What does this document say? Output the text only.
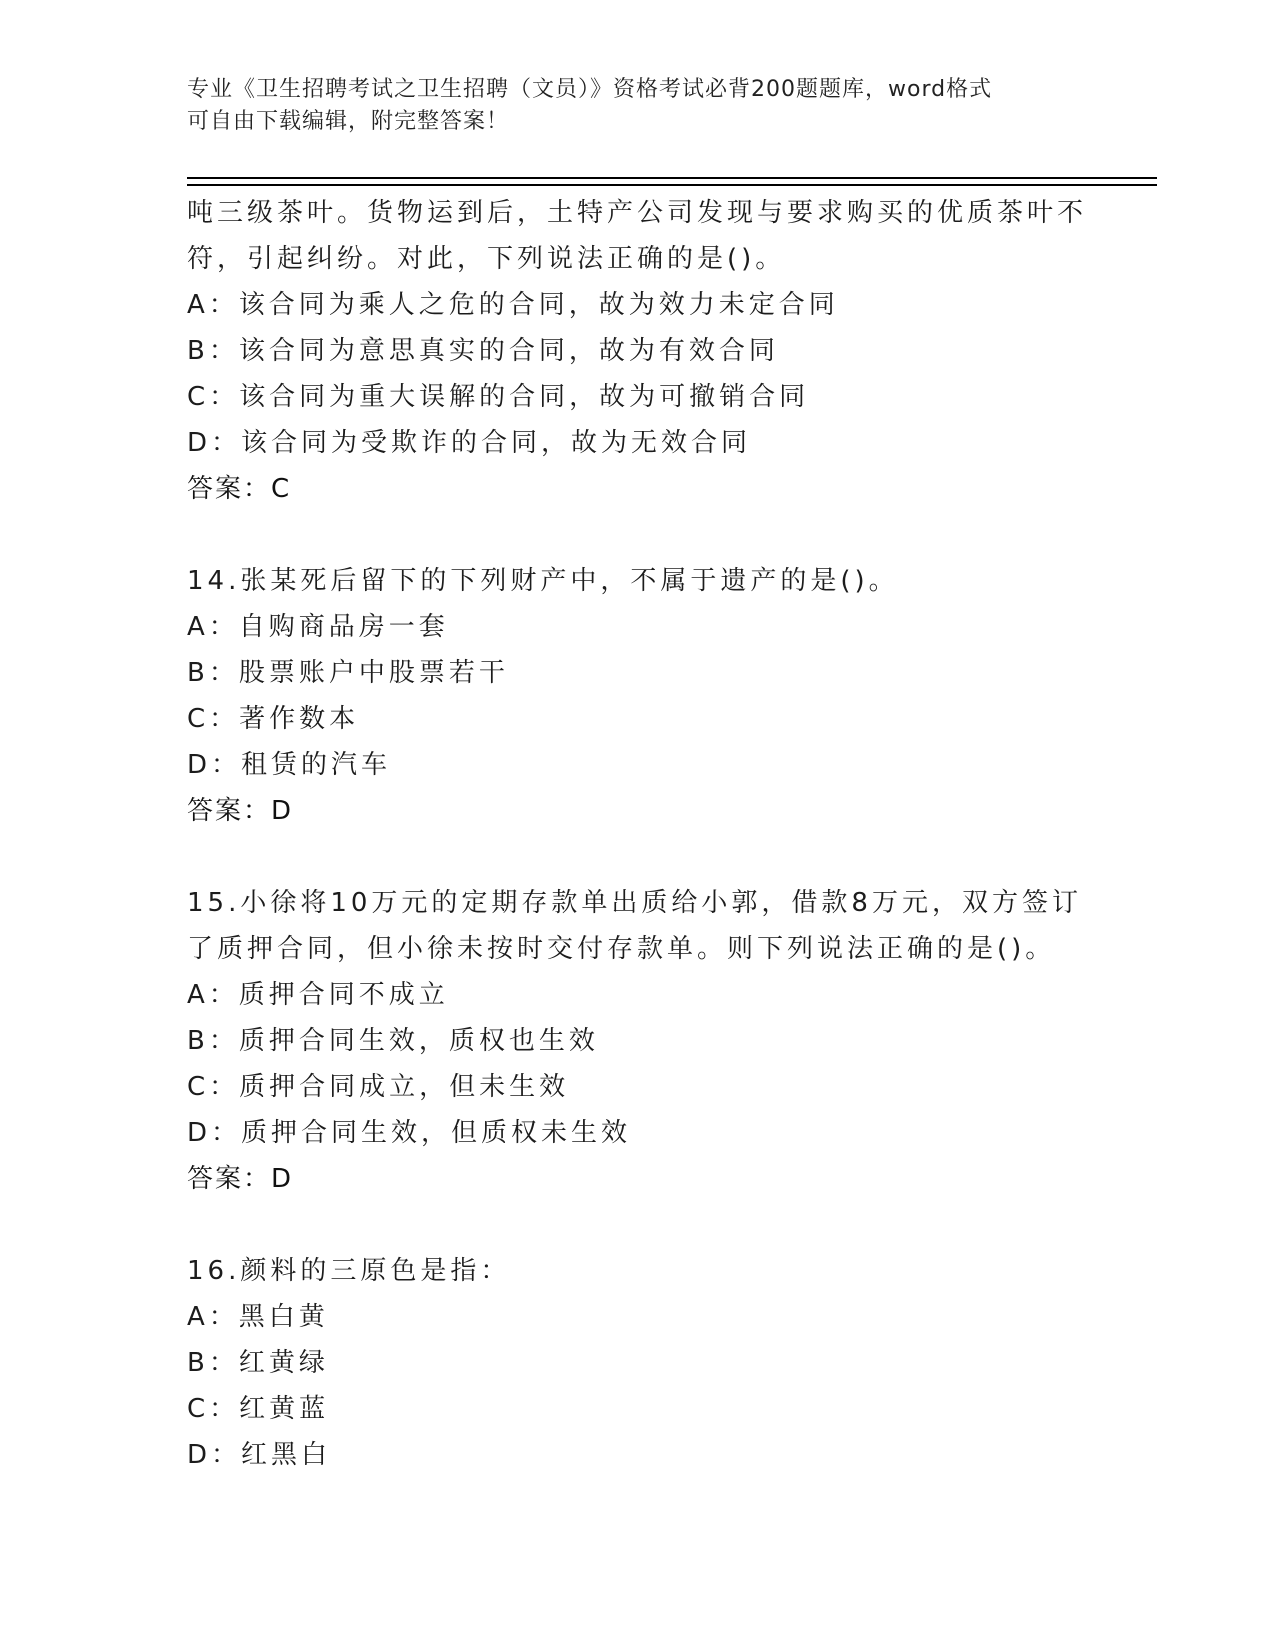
专业《卫生招聘考试之卫生招聘（文员）》资格考试必背200题题库，word格式

可自由下载编辑，附完整答案！

吨三级茶叶。货物运到后，土特产公司发现与要求购买的优质茶叶不

符，引起纠纷。对此，下列说法正确的是()。

A：该合同为乘人之危的合同，故为效力未定合同

B：该合同为意思真实的合同，故为有效合同

C：该合同为重大误解的合同，故为可撤销合同

D：该合同为受欺诈的合同，故为无效合同

答案：C

14.张某死后留下的下列财产中，不属于遗产的是()。

A：自购商品房一套

B：股票账户中股票若干

C：著作数本

D：租赁的汽车

答案：D

15.小徐将10万元的定期存款单出质给小郭，借款8万元，双方签订

了质押合同，但小徐未按时交付存款单。则下列说法正确的是()。

A：质押合同不成立

B：质押合同生效，质权也生效

C：质押合同成立，但未生效

D：质押合同生效，但质权未生效

答案：D

16.颜料的三原色是指：

A：黑白黄

B：红黄绿

C：红黄蓝

D：红黑白
